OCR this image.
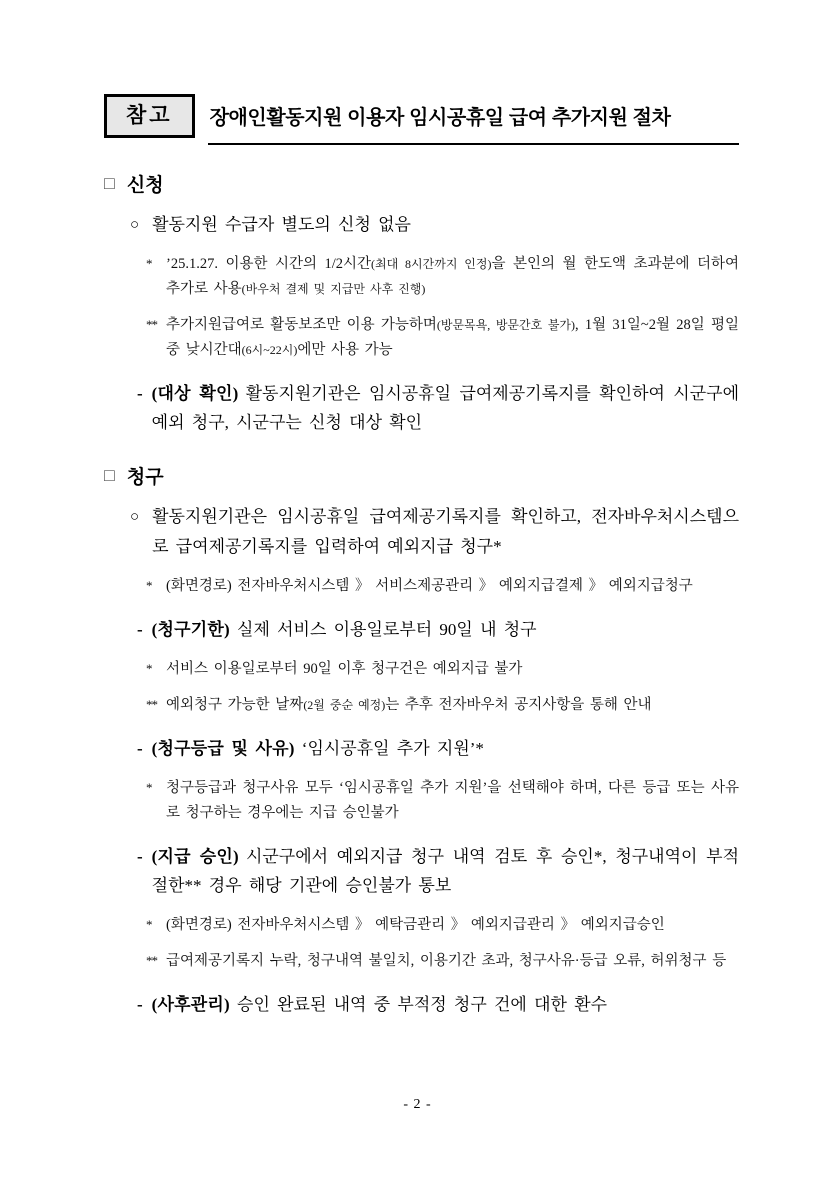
참고	장애인활동지원 이용자 임시공휴일 급여 추가지원 절차
□ 신청
○ 활동지원 수급자 별도의 신청 없음

*	’25.1.27. 이용한 시간의 1/2시간(최대 8시간까지 인정)을 본인의 월 한도액 초과분에 더하여 추가로 사용(바우처 결제 및 지급만 사후 진행)

** 추가지원급여로 활동보조만 이용 가능하며(방문목욕, 방문간호 불가), 1월 31일~2월 28일 평일 중 낮시간대(6시~22시)에만 사용 가능

- (대상 확인) 활동지원기관은 임시공휴일 급여제공기록지를 확인하여 시군구에 예외 청구, 시군구는 신청 대상 확인

□ 청구
○ 활동지원기관은 임시공휴일 급여제공기록지를 확인하고, 전자바우처시스템으로 급여제공기록지를 입력하여 예외지급 청구*

*	(화면경로) 전자바우처시스템 》 서비스제공관리 》 예외지급결제 》 예외지급청구

- (청구기한) 실제 서비스 이용일로부터 90일 내 청구

*	서비스 이용일로부터 90일 이후 청구건은 예외지급 불가

** 예외청구 가능한 날짜(2월 중순 예정)는 추후 전자바우처 공지사항을 통해 안내

- (청구등급 및 사유) ‘임시공휴일 추가 지원’*

*	청구등급과 청구사유 모두 ‘임시공휴일 추가 지원’을 선택해야 하며, 다른 등급 또는 사유로 청구하는 경우에는 지급 승인불가

- (지급 승인) 시군구에서 예외지급 청구 내역 검토 후 승인*, 청구내역이 부적절한** 경우 해당 기관에 승인불가 통보

*	(화면경로) 전자바우처시스템 》 예탁금관리 》 예외지급관리 》 예외지급승인

** 급여제공기록지 누락, 청구내역 불일치, 이용기간 초과, 청구사유·등급 오류, 허위청구 등

- (사후관리) 승인 완료된 내역 중 부적정 청구 건에 대한 환수

- 2 -
